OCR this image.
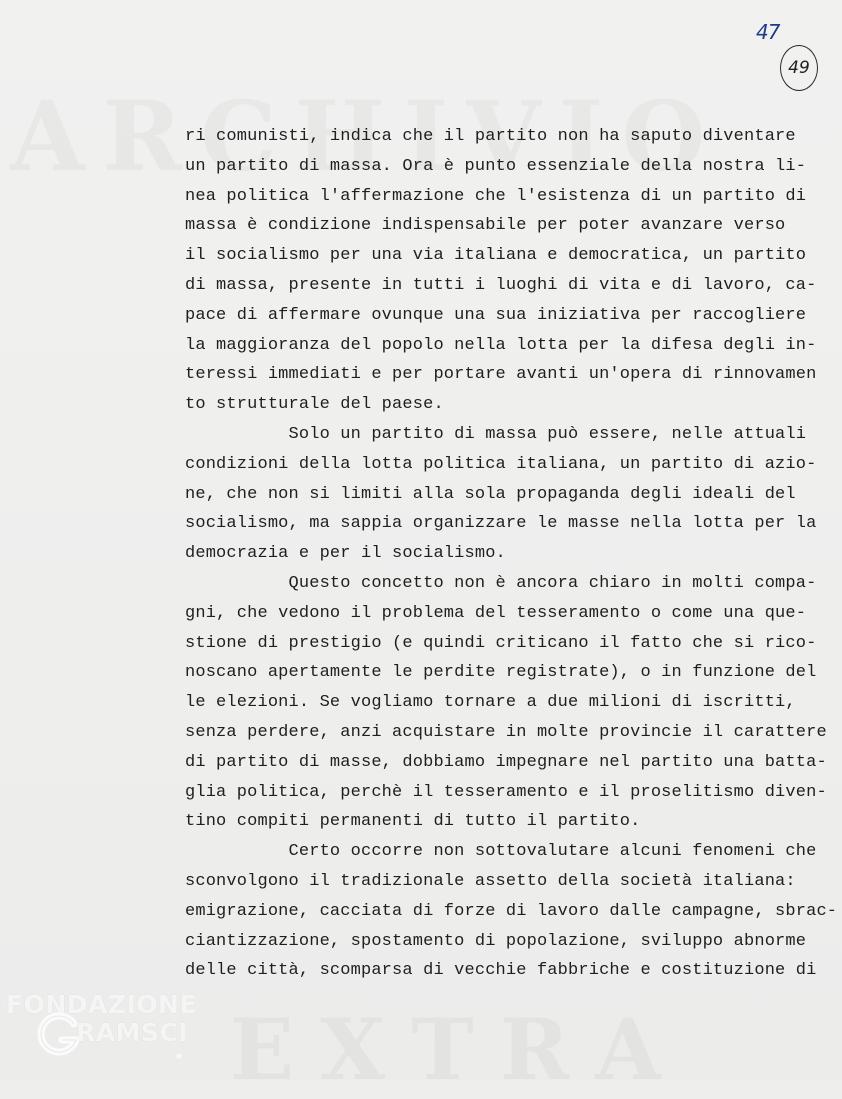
47
49
ri comunisti, indica che il partito non ha saputo diventare
un partito di massa. Ora è punto essenziale della nostra li-
nea politica l'affermazione che l'esistenza di un partito di
massa è condizione indispensabile per poter avanzare verso
il socialismo per una via italiana e democratica, un partito
di massa, presente in tutti i luoghi di vita e di lavoro, ca-
pace di affermare ovunque una sua iniziativa per raccogliere
la maggioranza del popolo nella lotta per la difesa degli in-
teressi immediati e per portare avanti un'opera di rinnovamen
to strutturale del paese.
Solo un partito di massa può essere, nelle attuali
condizioni della lotta politica italiana, un partito di azio-
ne, che non si limiti alla sola propaganda degli ideali del
socialismo, ma sappia organizzare le masse nella lotta per la
democrazia e per il socialismo.
Questo concetto non è ancora chiaro in molti compa-
gni, che vedono il problema del tesseramento o come una que-
stione di prestigio (e quindi criticano il fatto che si rico-
noscano apertamente le perdite registrate), o in funzione del
le elezioni. Se vogliamo tornare a due milioni di iscritti,
senza perdere, anzi acquistare in molte provincie il carattere
di partito di masse, dobbiamo impegnare nel partito una batta-
glia politica, perchè il tesseramento e il proselitismo diven-
tino compiti permanenti di tutto il partito.
Certo occorre non sottovalutare alcuni fenomeni che
sconvolgono il tradizionale assetto della società italiana:
emigrazione, cacciata di forze di lavoro dalle campagne, sbrac-
ciantizzazione, spostamento di popolazione, sviluppo abnorme
delle città, scomparsa di vecchie fabbriche e costituzione di
FONDAZIONE
RAMSCI
●
